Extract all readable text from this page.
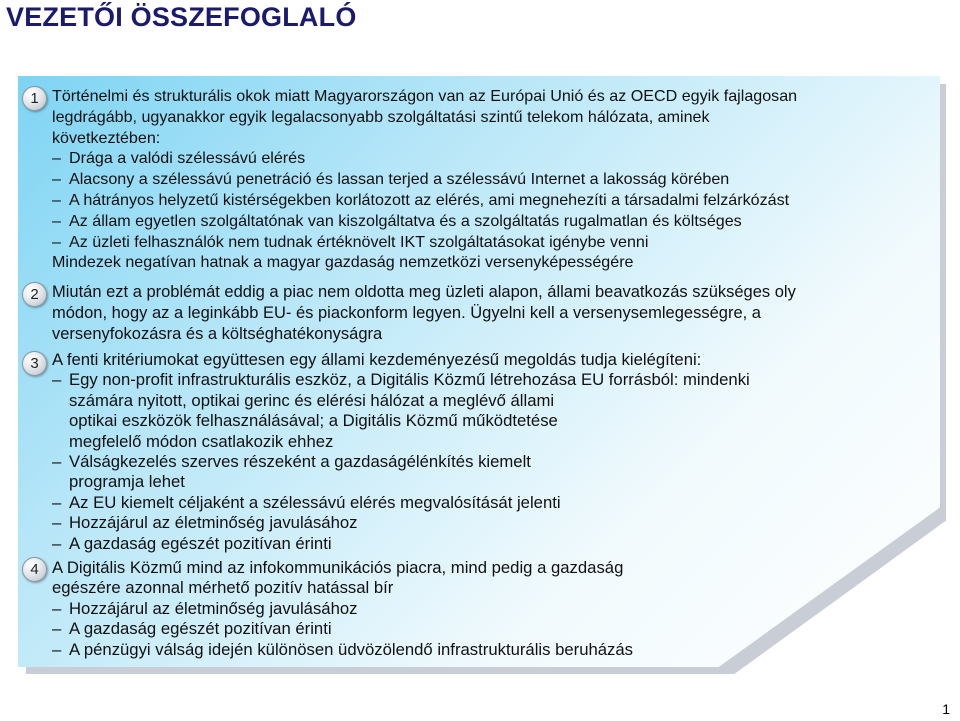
VEZETŐI ÖSSZEFOGLALÓ
1 Történelmi és strukturális okok miatt Magyarországon van az Európai Unió és az OECD egyik fajlagosan
legdrágább, ugyanakkor egyik legalacsonyabb szolgáltatási szintű telekom hálózata, aminek
következtében:
– Drága a valódi szélessávú elérés
– Alacsony a szélessávú penetráció és lassan terjed a szélessávú Internet a lakosság körében
– A hátrányos helyzetű kistérségekben korlátozott az elérés, ami megnehezíti a társadalmi felzárkózást
– Az állam egyetlen szolgáltatónak van kiszolgáltatva és a szolgáltatás rugalmatlan és költséges
– Az üzleti felhasználók nem tudnak értéknövelt IKT szolgáltatásokat igénybe venni
Mindezek negatívan hatnak a magyar gazdaság nemzetközi versenyképességére
2 Miután ezt a problémát eddig a piac nem oldotta meg üzleti alapon, állami beavatkozás szükséges oly
módon, hogy az a leginkább EU- és piackonform legyen. Ügyelni kell a versenysemlegességre, a
versenyfokozásra és a költséghatékonyságra
3 A fenti kritériumokat együttesen egy állami kezdeményezésű megoldás tudja kielégíteni:
– Egy non-profit infrastrukturális eszköz, a Digitális Közmű létrehozása EU forrásból: mindenki
számára nyitott, optikai gerinc és elérési hálózat a meglévő állami
optikai eszközök felhasználásával; a Digitális Közmű működtetése
megfelelő módon csatlakozik ehhez
– Válságkezelés szerves részeként a gazdaságélénkítés kiemelt
programja lehet
– Az EU kiemelt céljaként a szélessávú elérés megvalósítását jelenti
– Hozzájárul az életminőség javulásához
– A gazdaság egészét pozitívan érinti
4 A Digitális Közmű mind az infokommunikációs piacra, mind pedig a gazdaság
egészére azonnal mérhető pozitív hatással bír
– Hozzájárul az életminőség javulásához
– A gazdaság egészét pozitívan érinti
– A pénzügyi válság idején különösen üdvözölendő infrastrukturális beruházás
1
